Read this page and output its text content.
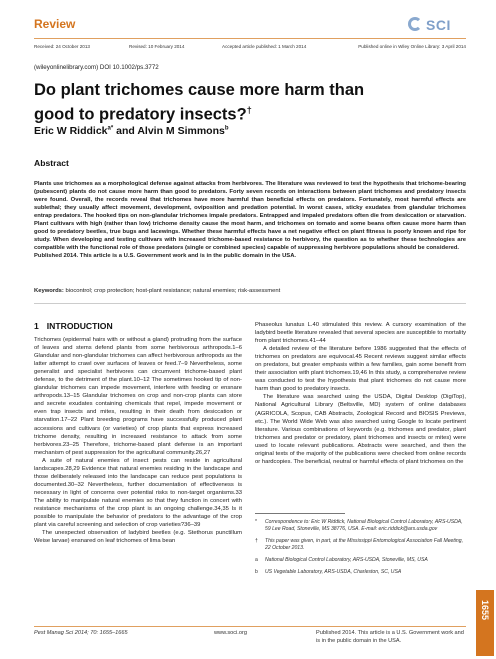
Review	SCI
Received: 24 October 2013	Revised: 10 February 2014	Accepted article published: 1 March 2014	Published online in Wiley Online Library: 3 April 2014
(wileyonlinelibrary.com) DOI 10.1002/ps.3772
Do plant trichomes cause more harm than
good to predatory insects?†
Eric W Riddick$^{a*}$ and Alvin M Simmons$^b$
Abstract
Plants use trichomes as a morphological defense against attacks from herbivores. The literature was reviewed to test the hypothesis that trichome-bearing (pubescent) plants do not cause more harm than good to predators. Forty seven records on interactions between plant trichomes and predatory insects were found. Overall, the records reveal that trichomes have more harmful than beneficial effects on predators. Fortunately, most harmful effects are sublethal; they usually affect movement, development, oviposition and predation potential. In worst cases, sticky exudates from glandular trichomes entrap predators. The hooked tips on non-glandular trichomes impale predators. Entrapped and impaled predators often die from desiccation or starvation. Plant cultivars with high (rather than low) trichome density cause the most harm, and trichomes on tomato and some beans often cause more harm than good to predatory beetles, true bugs and lacewings. Whether these harmful effects have a net negative effect on plant fitness is poorly known and ripe for study. When developing and testing cultivars with increased trichome-based resistance to herbivory, the question as to whether these technologies are compatible with the functional role of those predators (single or combined species) capable of suppressing herbivore populations should be considered.
Published 2014. This article is a U.S. Government work and is in the public domain in the USA.
Keywords: biocontrol; crop protection; host-plant resistance; natural enemies; risk-assessment
1 INTRODUCTION

Trichomes (epidermal hairs with or without a gland) protruding from the surface of leaves and stems defend plants from some herbivorous arthropods.1–6 Glandular and non-glandular trichomes can affect herbivorous arthropods as the latter attempt to crawl over surfaces of leaves or feed.7–9 Nevertheless, some generalist and specialist herbivores can circumvent trichome-based plant defense, to the detriment of the plant.10–12 The sometimes hooked tip of non-glandular trichomes can impede movement, interfere with feeding or ensnare arthropods.13–15 Glandular trichomes on crop and non-crop plants can store and secrete exudates containing chemicals that repel, impede movement or even trap insects and mites, resulting in their death from desiccation or starvation.17–22 Plant breeding programs have successfully produced plant accessions and cultivars (or varieties) of crop plants that express increased trichome density, resulting in increased resistance to attack from some herbivores.23–25 Therefore, trichome-based plant defense is an important mechanism of pest suppression for the agricultural community.26,27

A suite of natural enemies of insect pests can reside in agricultural landscapes.28,29 Evidence that natural enemies residing in the landscape and those deliberately released into the landscape can reduce pest populations is documented.30–32 Nevertheless, further documentation of effectiveness is necessary in light of concerns over potential risks to non-target organisms.33 The ability to manipulate natural enemies so that they function in concert with resistance mechanisms of the crop plant is an ongoing challenge.34,35 Is it possible to manipulate the behavior of predators to the advantage of the crop plant via careful screening and selection of crop varieties?36–39

The unexpected observation of ladybird beetles (e.g. Stethorus punctillum Weise larvae) ensnared on leaf trichomes of lima bean

Phaseolus lunatus L.40 stimulated this review. A cursory examination of the ladybird beetle literature revealed that several species are susceptible to mortality from plant trichomes.41–44

A detailed review of the literature before 1986 suggested that the effects of trichomes on predators are equivocal.45 Recent reviews suggest similar effects on predators, but greater emphasis within a few families, gain some benefit from their association with plant trichomes.19,46 In this study, a comprehensive review was conducted to test the hypothesis that plant trichomes do not cause more harm than good to predatory insects.

The literature was searched using the USDA, Digital Desktop (DigiTop), National Agricultural Library (Beltsville, MD) system of online databases (AGRICOLA, Scopus, CAB Abstracts, Zoological Record and BIOSIS Previews, etc.). The World Wide Web was also searched using Google to locate pertinent literature. Various combinations of keywords (e.g. trichomes and predator, plant trichomes and predator or predatory, plant trichomes and insects or mites) were used to locate relevant publications. Abstracts were searched, and then the original texts of the majority of the publications were checked from online records or hardcopies. The beneficial, neutral or harmful effects of plant trichomes on the

*	Correspondence to: Eric W Riddick, National Biological Control Laboratory, ARS-USDA, 59 Lee Road, Stoneville, MS 38776, USA. E-mail: eric.riddick@ars.usda.gov
†	This paper was given, in part, at the Mississippi Entomological Association Fall Meeting, 22 October 2013.
a	National Biological Control Laboratory, ARS-USDA, Stoneville, MS, USA
b	US Vegetable Laboratory, ARS-USDA, Charleston, SC, USA
1655
Pest Manag Sci 2014; 70: 1655–1665	www.soci.org	Published 2014. This article is a U.S. Government work and is in the public domain in the USA.
